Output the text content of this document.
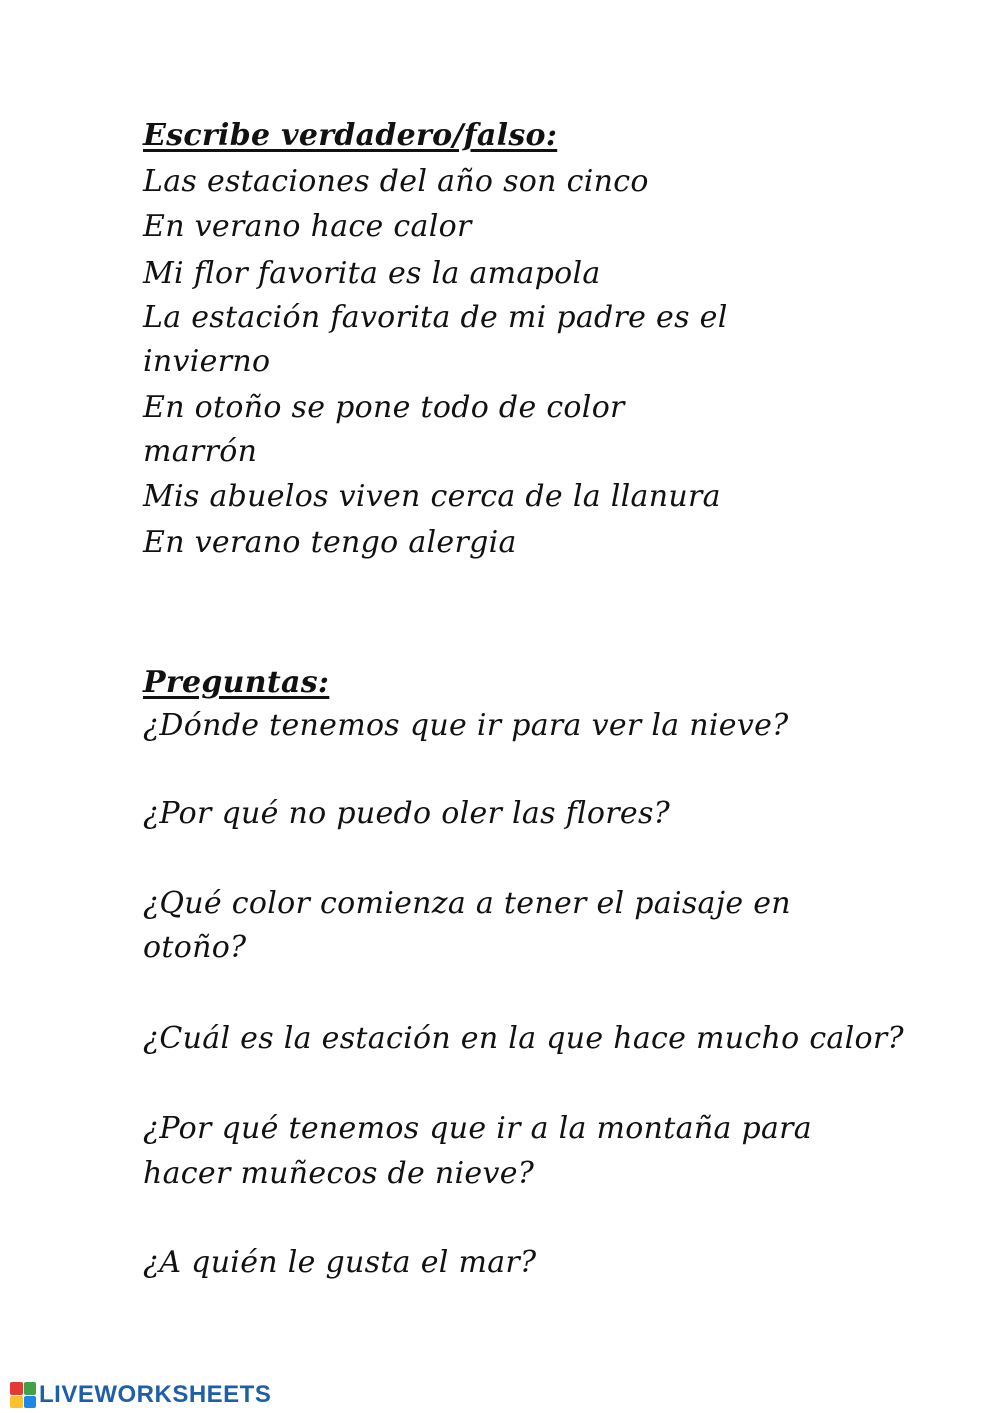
Escribe verdadero/falso:
Las estaciones del año son cinco
En verano hace calor
Mi flor favorita es la amapola
La estación favorita de mi padre es el
invierno
En otoño se pone todo de color
marrón
Mis abuelos viven cerca de la llanura
En verano tengo alergia
Preguntas:
¿Dónde tenemos que ir para ver la nieve?
¿Por qué no puedo oler las flores?
¿Qué color comienza a tener el paisaje en
otoño?
¿Cuál es la estación en la que hace mucho calor?
¿Por qué tenemos que ir a la montaña para
hacer muñecos de nieve?
¿A quién le gusta el mar?
LIVEWORKSHEETS
